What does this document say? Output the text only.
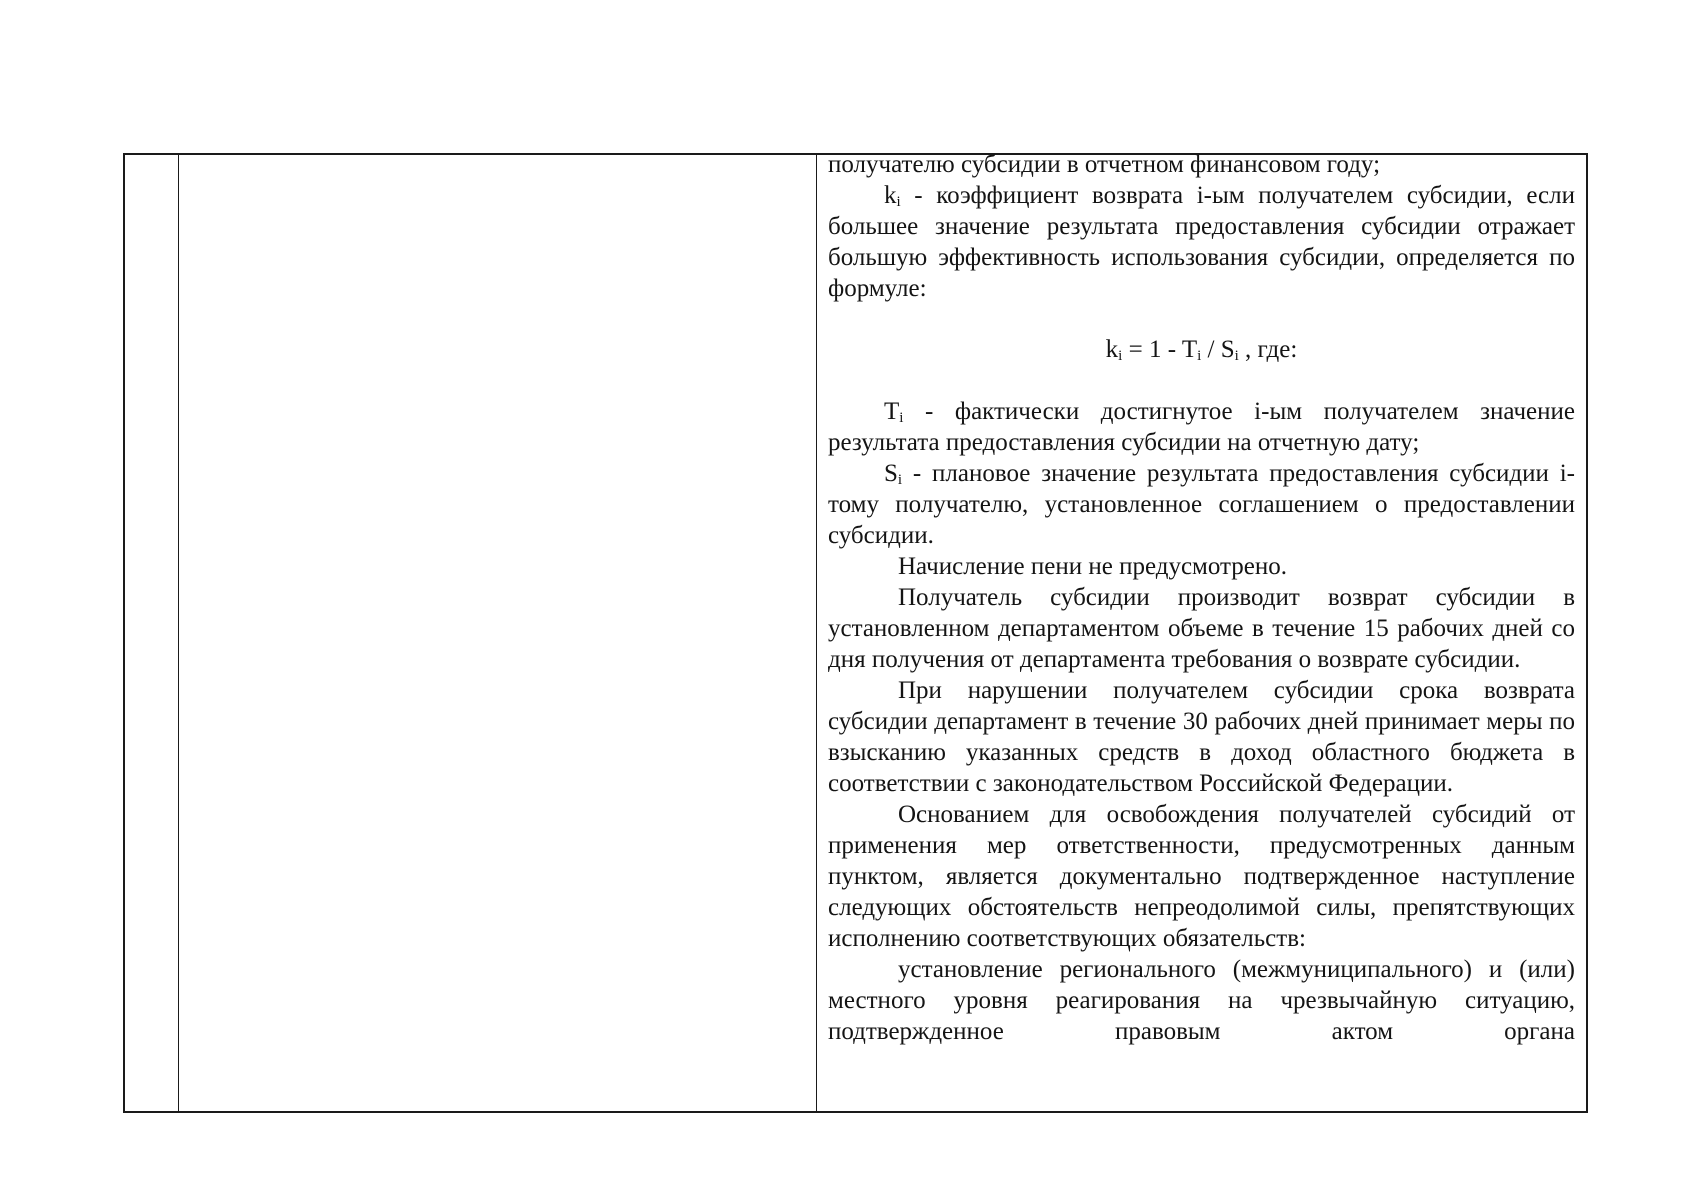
получателю субсидии в отчетном финансовом году;

$k_i$ - коэффициент возврата i-ым получателем субсидии, если большее значение результата предоставления субсидии отражает большую эффективность использования субсидии, определяется по формуле:

$k_i = 1 - T_i / S_i$ , где:

$T_i$ - фактически достигнутое i-ым получателем значение результата предоставления субсидии на отчетную дату;

$S_i$ - плановое значение результата предоставления субсидии i-тому получателю, установленное соглашением о предоставлении субсидии.

Начисление пени не предусмотрено.

Получатель субсидии производит возврат субсидии в установленном департаментом объеме в течение 15 рабочих дней со дня получения от департамента требования о возврате субсидии.

При нарушении получателем субсидии срока возврата субсидии департамент в течение 30 рабочих дней принимает меры по взысканию указанных средств в доход областного бюджета в соответствии с законодательством Российской Федерации.

Основанием для освобождения получателей субсидий от применения мер ответственности, предусмотренных данным пунктом, является документально подтвержденное наступление следующих обстоятельств непреодолимой силы, препятствующих исполнению соответствующих обязательств:

установление регионального (межмуниципального) и (или) местного уровня реагирования на чрезвычайную ситуацию, подтвержденное правовым актом органа
